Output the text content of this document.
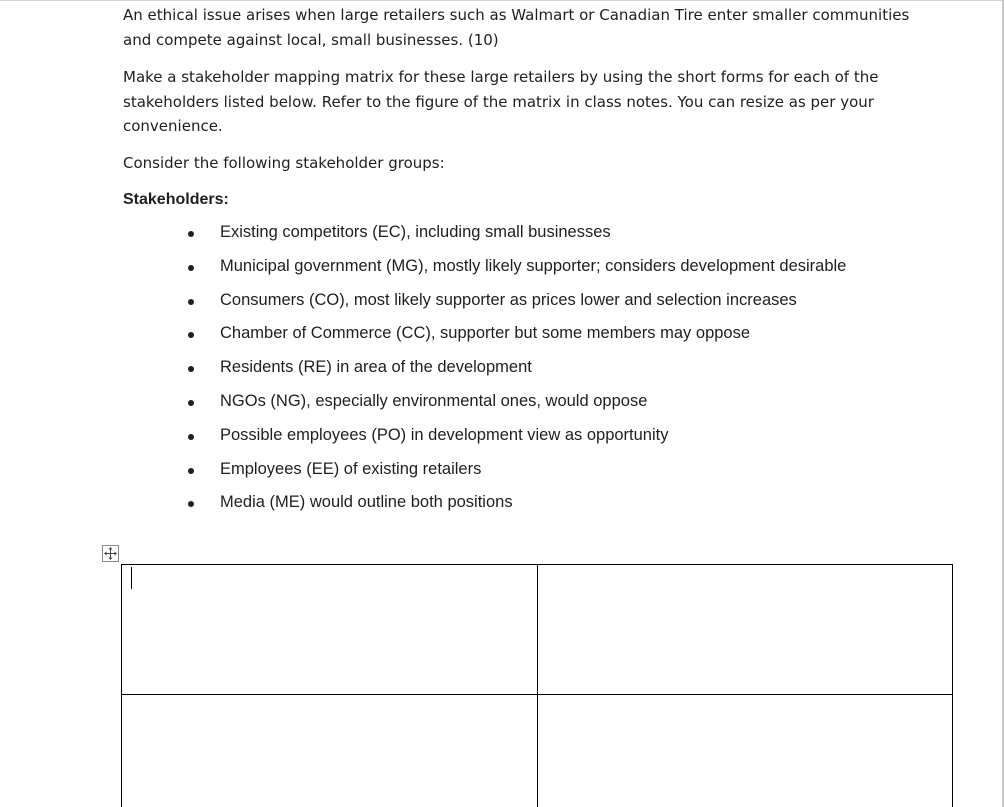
An ethical issue arises when large retailers such as Walmart or Canadian Tire enter smaller communities and compete against local, small businesses. (10)

Make a stakeholder mapping matrix for these large retailers by using the short forms for each of the stakeholders listed below. Refer to the figure of the matrix in class notes. You can resize as per your convenience.

Consider the following stakeholder groups:

Stakeholders:

Existing competitors (EC), including small businesses
Municipal government (MG), mostly likely supporter; considers development desirable
Consumers (CO), most likely supporter as prices lower and selection increases
Chamber of Commerce (CC), supporter but some members may oppose
Residents (RE) in area of the development
NGOs (NG), especially environmental ones, would oppose
Possible employees (PO) in development view as opportunity
Employees (EE) of existing retailers
Media (ME) would outline both positions
